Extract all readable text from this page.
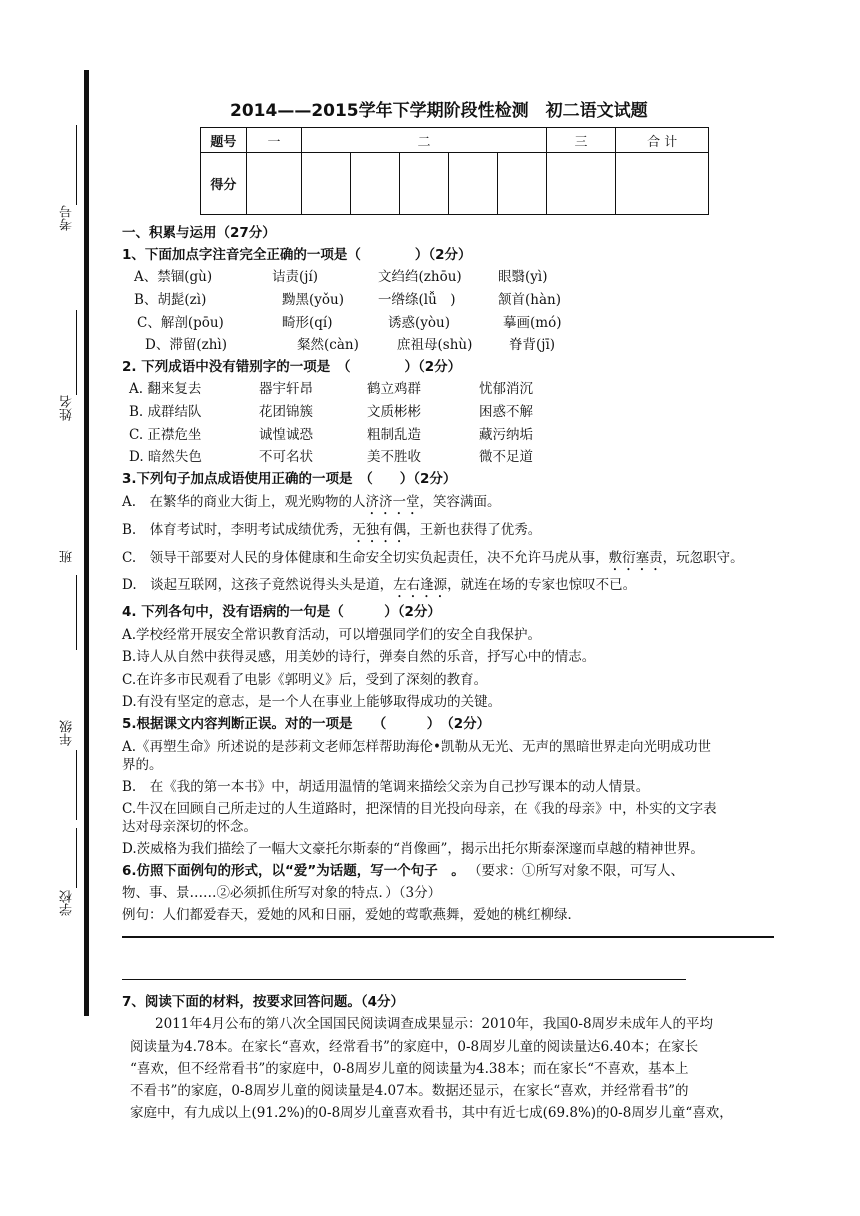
考号
姓名
班
年级
学校
2014——2015学年下学期阶段性检测　初二语文试题
题号	一	二					三	合 计
得分								
一、积累与运用（27分）
1、下面加点字注音完全正确的一项是（　　　　）（2分）
A、禁锢(gù)	诘责(jí)	文绉绉(zhōu)	眼翳(yì)
B、胡髭(zì)	黝黑(yǒu)	一绺绦(lǚ　)	颔首(hàn)
C、解剖(pōu)	畸形(qí)	诱惑(yòu)	摹画(mó)
D、滞留(zhì)	粲然(càn)	庶祖母(shù)	脊背(jī)
2. 下列成语中没有错别字的一项是　（　　　　）（2分）
A. 翻来复去	器宇轩昂	鹤立鸡群	忧郁消沉
B. 成群结队	花团锦簇	文质彬彬	困惑不解
C. 正襟危坐	诚惶诚恐	粗制乱造	藏污纳垢
D. 暗然失色	不可名状	美不胜收	微不足道
3.下列句子加点成语使用正确的一项是　（　　）（2分）
A.　在繁华的商业大街上，观光购物的人济济一堂，笑容满面。
B.　体育考试时，李明考试成绩优秀，无独有偶，王新也获得了优秀。
C.　领导干部要对人民的身体健康和生命安全切实负起责任，决不允许马虎从事，敷衍塞责，玩忽职守。
D.　谈起互联网，这孩子竟然说得头头是道，左右逢源，就连在场的专家也惊叹不已。
4. 下列各句中，没有语病的一句是（　　　）（2分）
A.学校经常开展安全常识教育活动，可以增强同学们的安全自我保护。
B.诗人从自然中获得灵感，用美妙的诗行，弹奏自然的乐音，抒写心中的情志。
C.在许多市民观看了电影《郭明义》后，受到了深刻的教育。
D.有没有坚定的意志，是一个人在事业上能够取得成功的关键。
5.根据课文内容判断正误。对的一项是　　（　　　）　（2分）
A.《再塑生命》所述说的是莎莉文老师怎样帮助海伦•凯勒从无光、无声的黑暗世界走向光明成功世
界的。
B.　在《我的第一本书》中，胡适用温情的笔调来描绘父亲为自己抄写课本的动人情景。
C.牛汉在回顾自己所走过的人生道路时，把深情的目光投向母亲，在《我的母亲》中，朴实的文字表
达对母亲深切的怀念。
D.茨威格为我们描绘了一幅大文豪托尔斯泰的“肖像画”，揭示出托尔斯泰深邃而卓越的精神世界。
6.仿照下面例句的形式，以“爱”为话题，写一个句子　。 （要求：①所写对象不限，可写人、
物、事、景……②必须抓住所写对象的特点．）（3分）
例句：人们都爱春天，爱她的风和日丽，爱她的莺歌燕舞，爱她的桃红柳绿．
7、阅读下面的材料，按要求回答问题。（4分）
2011年4月公布的第八次全国国民阅读调查成果显示：2010年，我国0-8周岁未成年人的平均
阅读量为4.78本。在家长“喜欢，经常看书”的家庭中，0-8周岁儿童的阅读量达6.40本；在家长
“喜欢，但不经常看书”的家庭中，0-8周岁儿童的阅读量为4.38本；而在家长“不喜欢，基本上
不看书”的家庭，0-8周岁儿童的阅读量是4.07本。数据还显示，在家长“喜欢，并经常看书”的
家庭中，有九成以上(91.2%)的0-8周岁儿童喜欢看书，其中有近七成(69.8%)的0-8周岁儿童“喜欢，
